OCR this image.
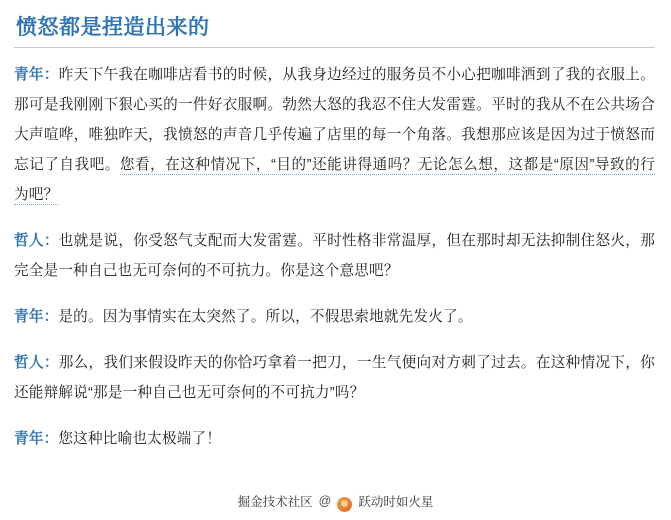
愤怒都是捏造出来的

青年：昨天下午我在咖啡店看书的时候，从我身边经过的服务员不小心把咖啡洒到了我的衣服上。那可是我刚刚下狠心买的一件好衣服啊。勃然大怒的我忍不住大发雷霆。平时的我从不在公共场合大声喧哗，唯独昨天，我愤怒的声音几乎传遍了店里的每一个角落。我想那应该是因为过于愤怒而忘记了自我吧。您看，在这种情况下，“目的”还能讲得通吗？无论怎么想，这都是“原因”导致的行为吧？

哲人：也就是说，你受怒气支配而大发雷霆。平时性格非常温厚，但在那时却无法抑制住怒火，那完全是一种自己也无可奈何的不可抗力。你是这个意思吧？

青年：是的。因为事情实在太突然了。所以，不假思索地就先发火了。

哲人：那么，我们来假设昨天的你恰巧拿着一把刀，一生气便向对方刺了过去。在这种情况下，你还能辩解说“那是一种自己也无可奈何的不可抗力”吗？

青年：您这种比喻也太极端了！

掘金技术社区 @ 跃动时如火星
